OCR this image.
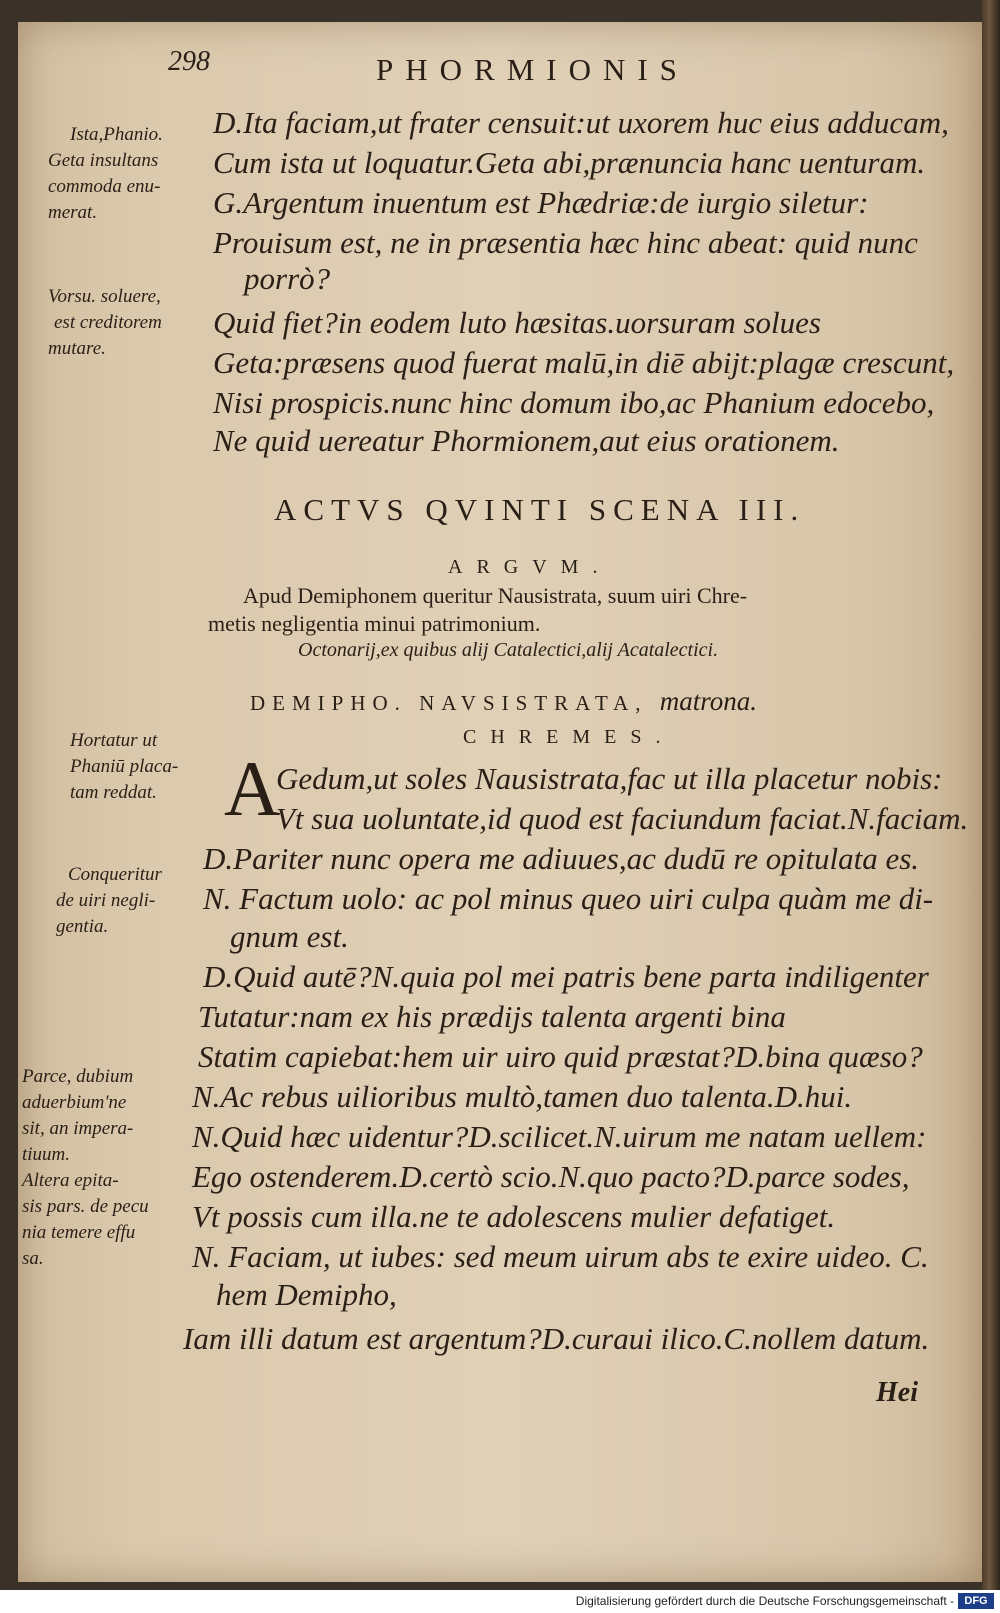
298	PHORMIONIS
D.Ita faciam,ut frater censuit:ut uxorem huc eius adducam,
Cum ista ut loquatur.Geta abi,prænuncia hanc uenturam.
G.Argentum inuentum est Phædriæ:de iurgio siletur:
Prouisum est, ne in præsentia hæc hinc abeat: quid nunc
porrò?
Quid fiet?in eodem luto hæsitas.uorsuram solues
Geta:præsens quod fuerat malū,in diē abijt:plagæ crescunt,
Nisi prospicis.nunc hinc domum ibo,ac Phanium edocebo,
Ne quid uereatur Phormionem,aut eius orationem.
Ista,Phanio.
Geta insultans
commoda enu-
merat.
Vorsu. soluere,
est creditorem
mutare.
ACTVS QVINTI SCENA III.
ARGVM.
Apud Demiphonem queritur Nausistrata, suum uiri Chre-
metis negligentia minui patrimonium.
Octonarij,ex quibus alij Catalectici,alij Acatalectici.
DEMIPHO. NAVSISTRATA, matrona.
CHREMES.
A
Gedum,ut soles Nausistrata,fac ut illa placetur nobis:
Vt sua uoluntate,id quod est faciundum faciat.N.faciam.
D.Pariter nunc opera me adiuues,ac dudū re opitulata es.
N. Factum uolo: ac pol minus queo uiri culpa quàm me di-
gnum est.
D.Quid autē?N.quia pol mei patris bene parta indiligenter
Tutatur:nam ex his prædijs talenta argenti bina
Statim capiebat:hem uir uiro quid præstat?D.bina quæso?
N.Ac rebus uilioribus multò,tamen duo talenta.D.hui.
N.Quid hæc uidentur?D.scilicet.N.uirum me natam uellem:
Ego ostenderem.D.certò scio.N.quo pacto?D.parce sodes,
Vt possis cum illa.ne te adolescens mulier defatiget.
N. Faciam, ut iubes: sed meum uirum abs te exire uideo. C.
hem Demipho,
Iam illi datum est argentum?D.curaui ilico.C.nollem datum.
Hortatur ut
Phaniū placa-
tam reddat.
Conqueritur
de uiri negli-
gentia.
Parce, dubium
aduerbium'ne
sit, an impera-
tiuum.
Altera epita-
sis pars. de pecu
nia temere effu
sa.
Hei
Digitalisierung gefördert durch die Deutsche Forschungsgemeinschaft - DFG
